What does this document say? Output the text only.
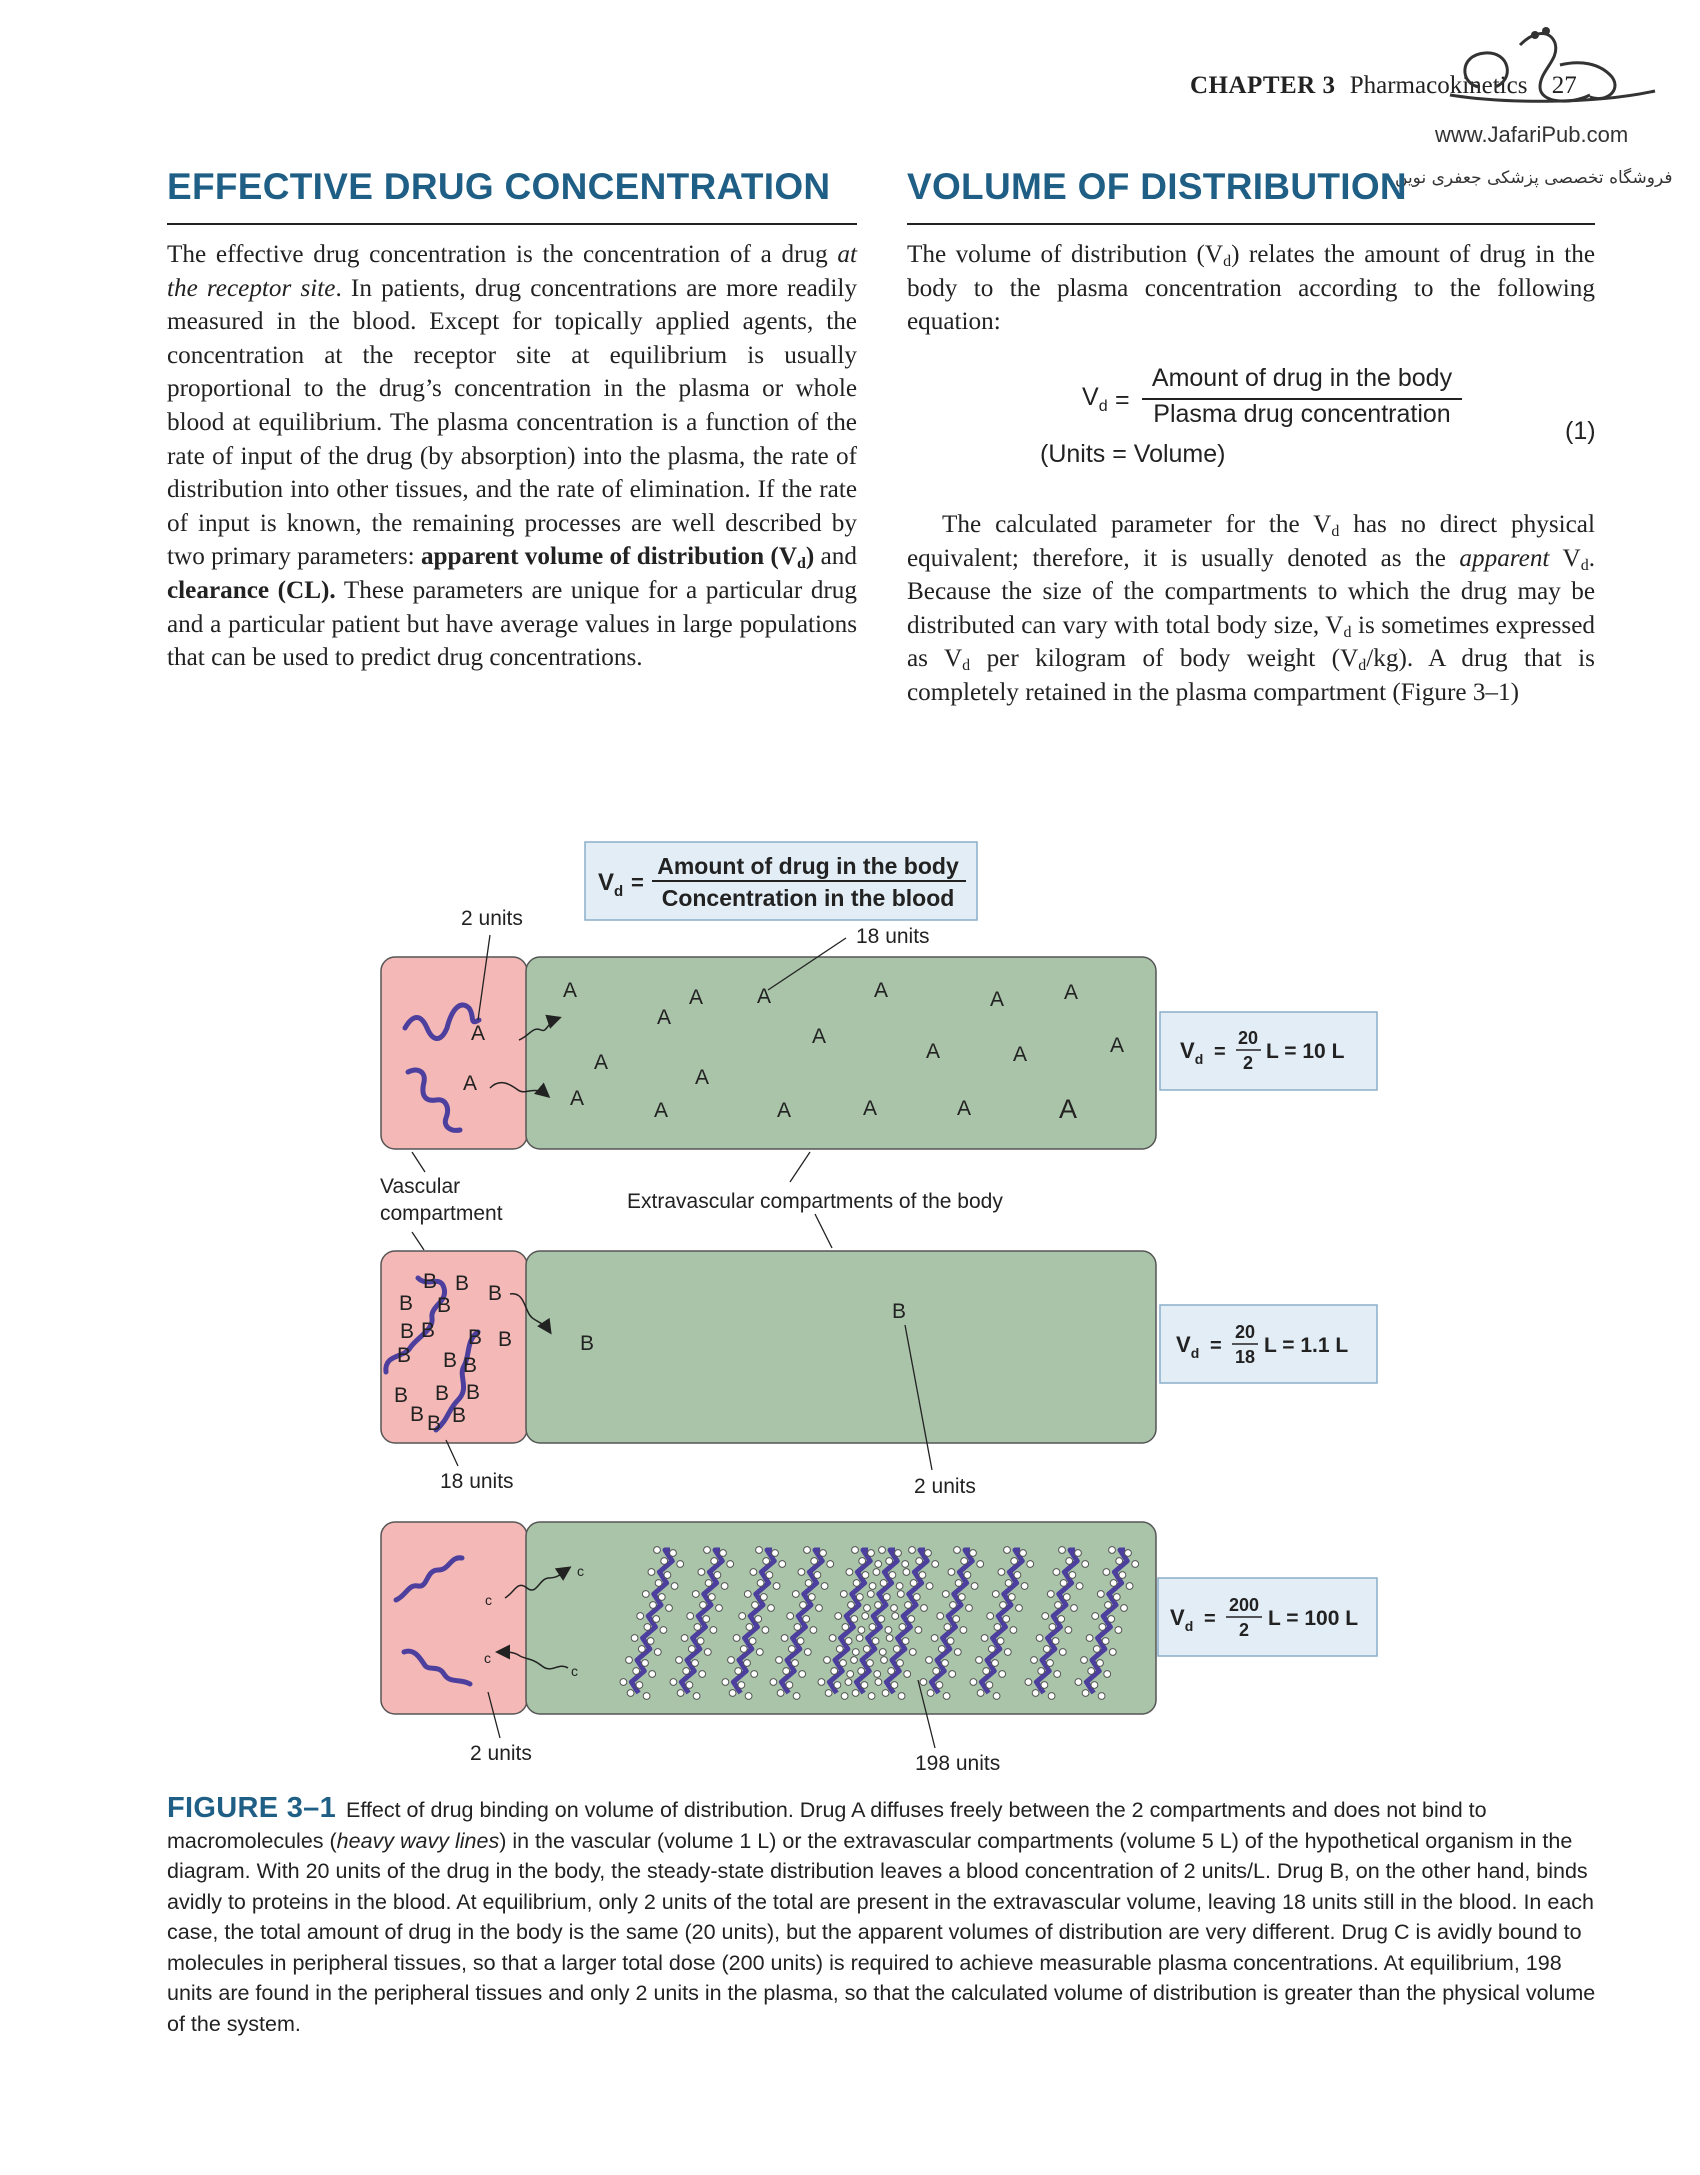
CHAPTER 3 Pharmacokinetics 27
www.JafariPub.com
فروشگاه تخصصی پزشکی جعفری نوین
EFFECTIVE DRUG CONCENTRATION VOLUME OF DISTRIBUTION

The effective drug concentration is the concentration of a drug at the receptor site. In patients, drug concentrations are more readily measured in the blood. Except for topically applied agents, the concentration at the receptor site at equilibrium is usually proportional to the drug’s concentration in the plasma or whole blood at equilibrium. The plasma concentration is a function of the rate of input of the drug (by absorption) into the plasma, the rate of distribution into other tissues, and the rate of elimination. If the rate of input is known, the remaining processes are well described by two primary parameters: apparent volume of distribution $(V_d)$ and clearance (CL). These parameters are unique for a particular drug and a particular patient but have average values in large populations that can be used to predict drug concentrations.

The volume of distribution $(V_d)$ relates the amount of drug in the body to the plasma concentration according to the following equation:

$V_d$ =
Amount of drug in the body
Plasma drug concentration
(Units = Volume)
(1)

The calculated parameter for the $V_d$ has no direct physical equivalent; therefore, it is usually denoted as the apparent $V_d$. Because the size of the compartments to which the drug may be distributed can vary with total body size, $V_d$ is sometimes expressed as $V_d$ per kilogram of body weight $(V_d/kg)$. A drug that is completely retained in the plasma compartment (Figure 3–1)

$V_d$ =
Amount of drug in the body
Concentration in the blood
A
A
A
A
A
A
A
A
A
A
A
A
A	A	A
A	A	A
A	A	A
2 units
18 units
$V_d$ =
20
2 L = 10 L
Vascular
compartment
Extravascular compartments of the body
B B
B B
B
B B B B
B B B
B B B
B B
B
B
B
18 units	2 units
$V_d$ =
20
18 L = 1.1 L
c
c
c
c
2 units	198 units
$V_d$ =
200
2 L = 100 L
FIGURE 3–1 Effect of drug binding on volume of distribution. Drug A diffuses freely between the 2 compartments and does not bind to macromolecules (heavy wavy lines) in the vascular (volume 1 L) or the extravascular compartments (volume 5 L) of the hypothetical organism in the diagram. With 20 units of the drug in the body, the steady-state distribution leaves a blood concentration of 2 units/L. Drug B, on the other hand, binds avidly to proteins in the blood. At equilibrium, only 2 units of the total are present in the extravascular volume, leaving 18 units still in the blood. In each case, the total amount of drug in the body is the same (20 units), but the apparent volumes of distribution are very different. Drug C is avidly bound to molecules in peripheral tissues, so that a larger total dose (200 units) is required to achieve measurable plasma concentrations. At equilibrium, 198 units are found in the peripheral tissues and only 2 units in the plasma, so that the calculated volume of distribution is greater than the physical volume of the system.
